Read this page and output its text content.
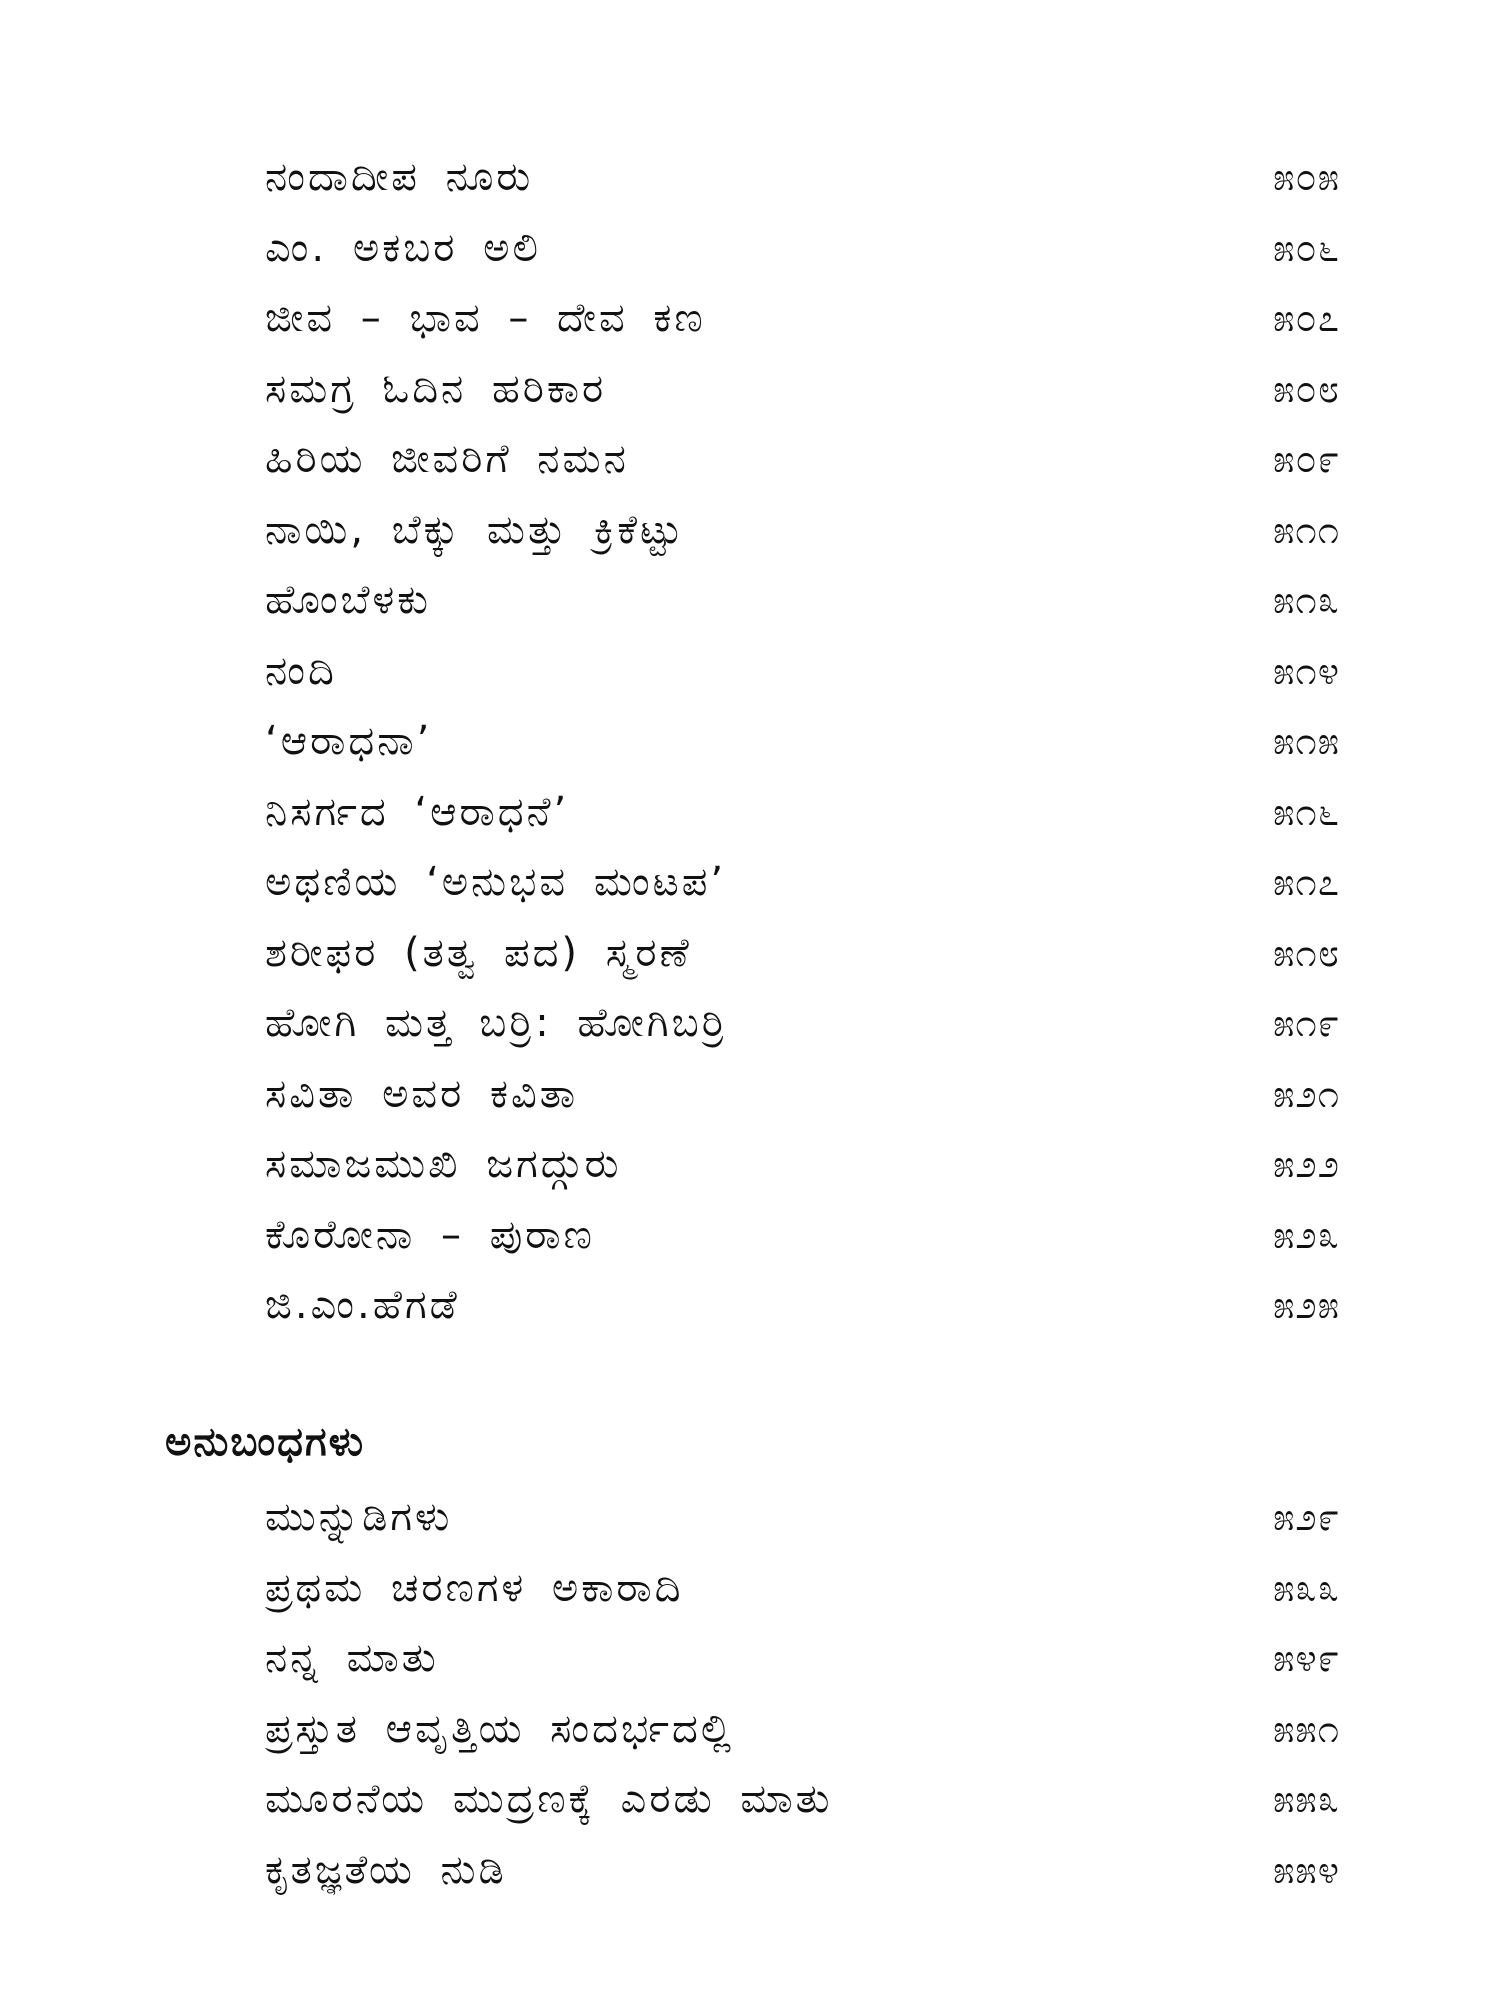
ನಂದಾದೀಪ ನೂರು	೫೦೫
ಎಂ. ಅಕಬರ ಅಲಿ	೫೦೬
ಜೀವ – ಭಾವ – ದೇವ ಕಣ	೫೦೭
ಸಮಗ್ರ ಓದಿನ ಹರಿಕಾರ	೫೦೮
ಹಿರಿಯ ಜೀವರಿಗೆ ನಮನ	೫೦೯
ನಾಯಿ, ಬೆಕ್ಕು ಮತ್ತು ಕ್ರಿಕೆಟ್ಟು	೫೧೧
ಹೊಂಬೆಳಕು	೫೧೩
ನಂದಿ	೫೧೪
‘ಆರಾಧನಾ’	೫೧೫
ನಿಸರ್ಗದ ‘ಆರಾಧನೆ’	೫೧೬
ಅಥಣಿಯ ‘ಅನುಭವ ಮಂಟಪ’	೫೧೭
ಶರೀಫರ (ತತ್ವ ಪದ) ಸ್ಮರಣೆ	೫೧೮
ಹೋಗಿ ಮತ್ತ ಬರ್ರಿ: ಹೋಗಿಬರ್ರಿ	೫೧೯
ಸವಿತಾ ಅವರ ಕವಿತಾ	೫೨೧
ಸಮಾಜಮುಖಿ ಜಗದ್ಗುರು	೫೨೨
ಕೊರೋನಾ – ಪುರಾಣ	೫೨೩
ಜಿ.ಎಂ.ಹೆಗಡೆ	೫೨೫
ಅನುಬಂಧಗಳು
ಮುನ್ನುಡಿಗಳು	೫೨೯
ಪ್ರಥಮ ಚರಣಗಳ ಅಕಾರಾದಿ	೫೩೩
ನನ್ನ ಮಾತು	೫೪೯
ಪ್ರಸ್ತುತ ಆವೃತ್ತಿಯ ಸಂದರ್ಭದಲ್ಲಿ	೫೫೧
ಮೂರನೆಯ ಮುದ್ರಣಕ್ಕೆ ಎರಡು ಮಾತು	೫೫೩
ಕೃತಜ್ಞತೆಯ ನುಡಿ	೫೫೪
